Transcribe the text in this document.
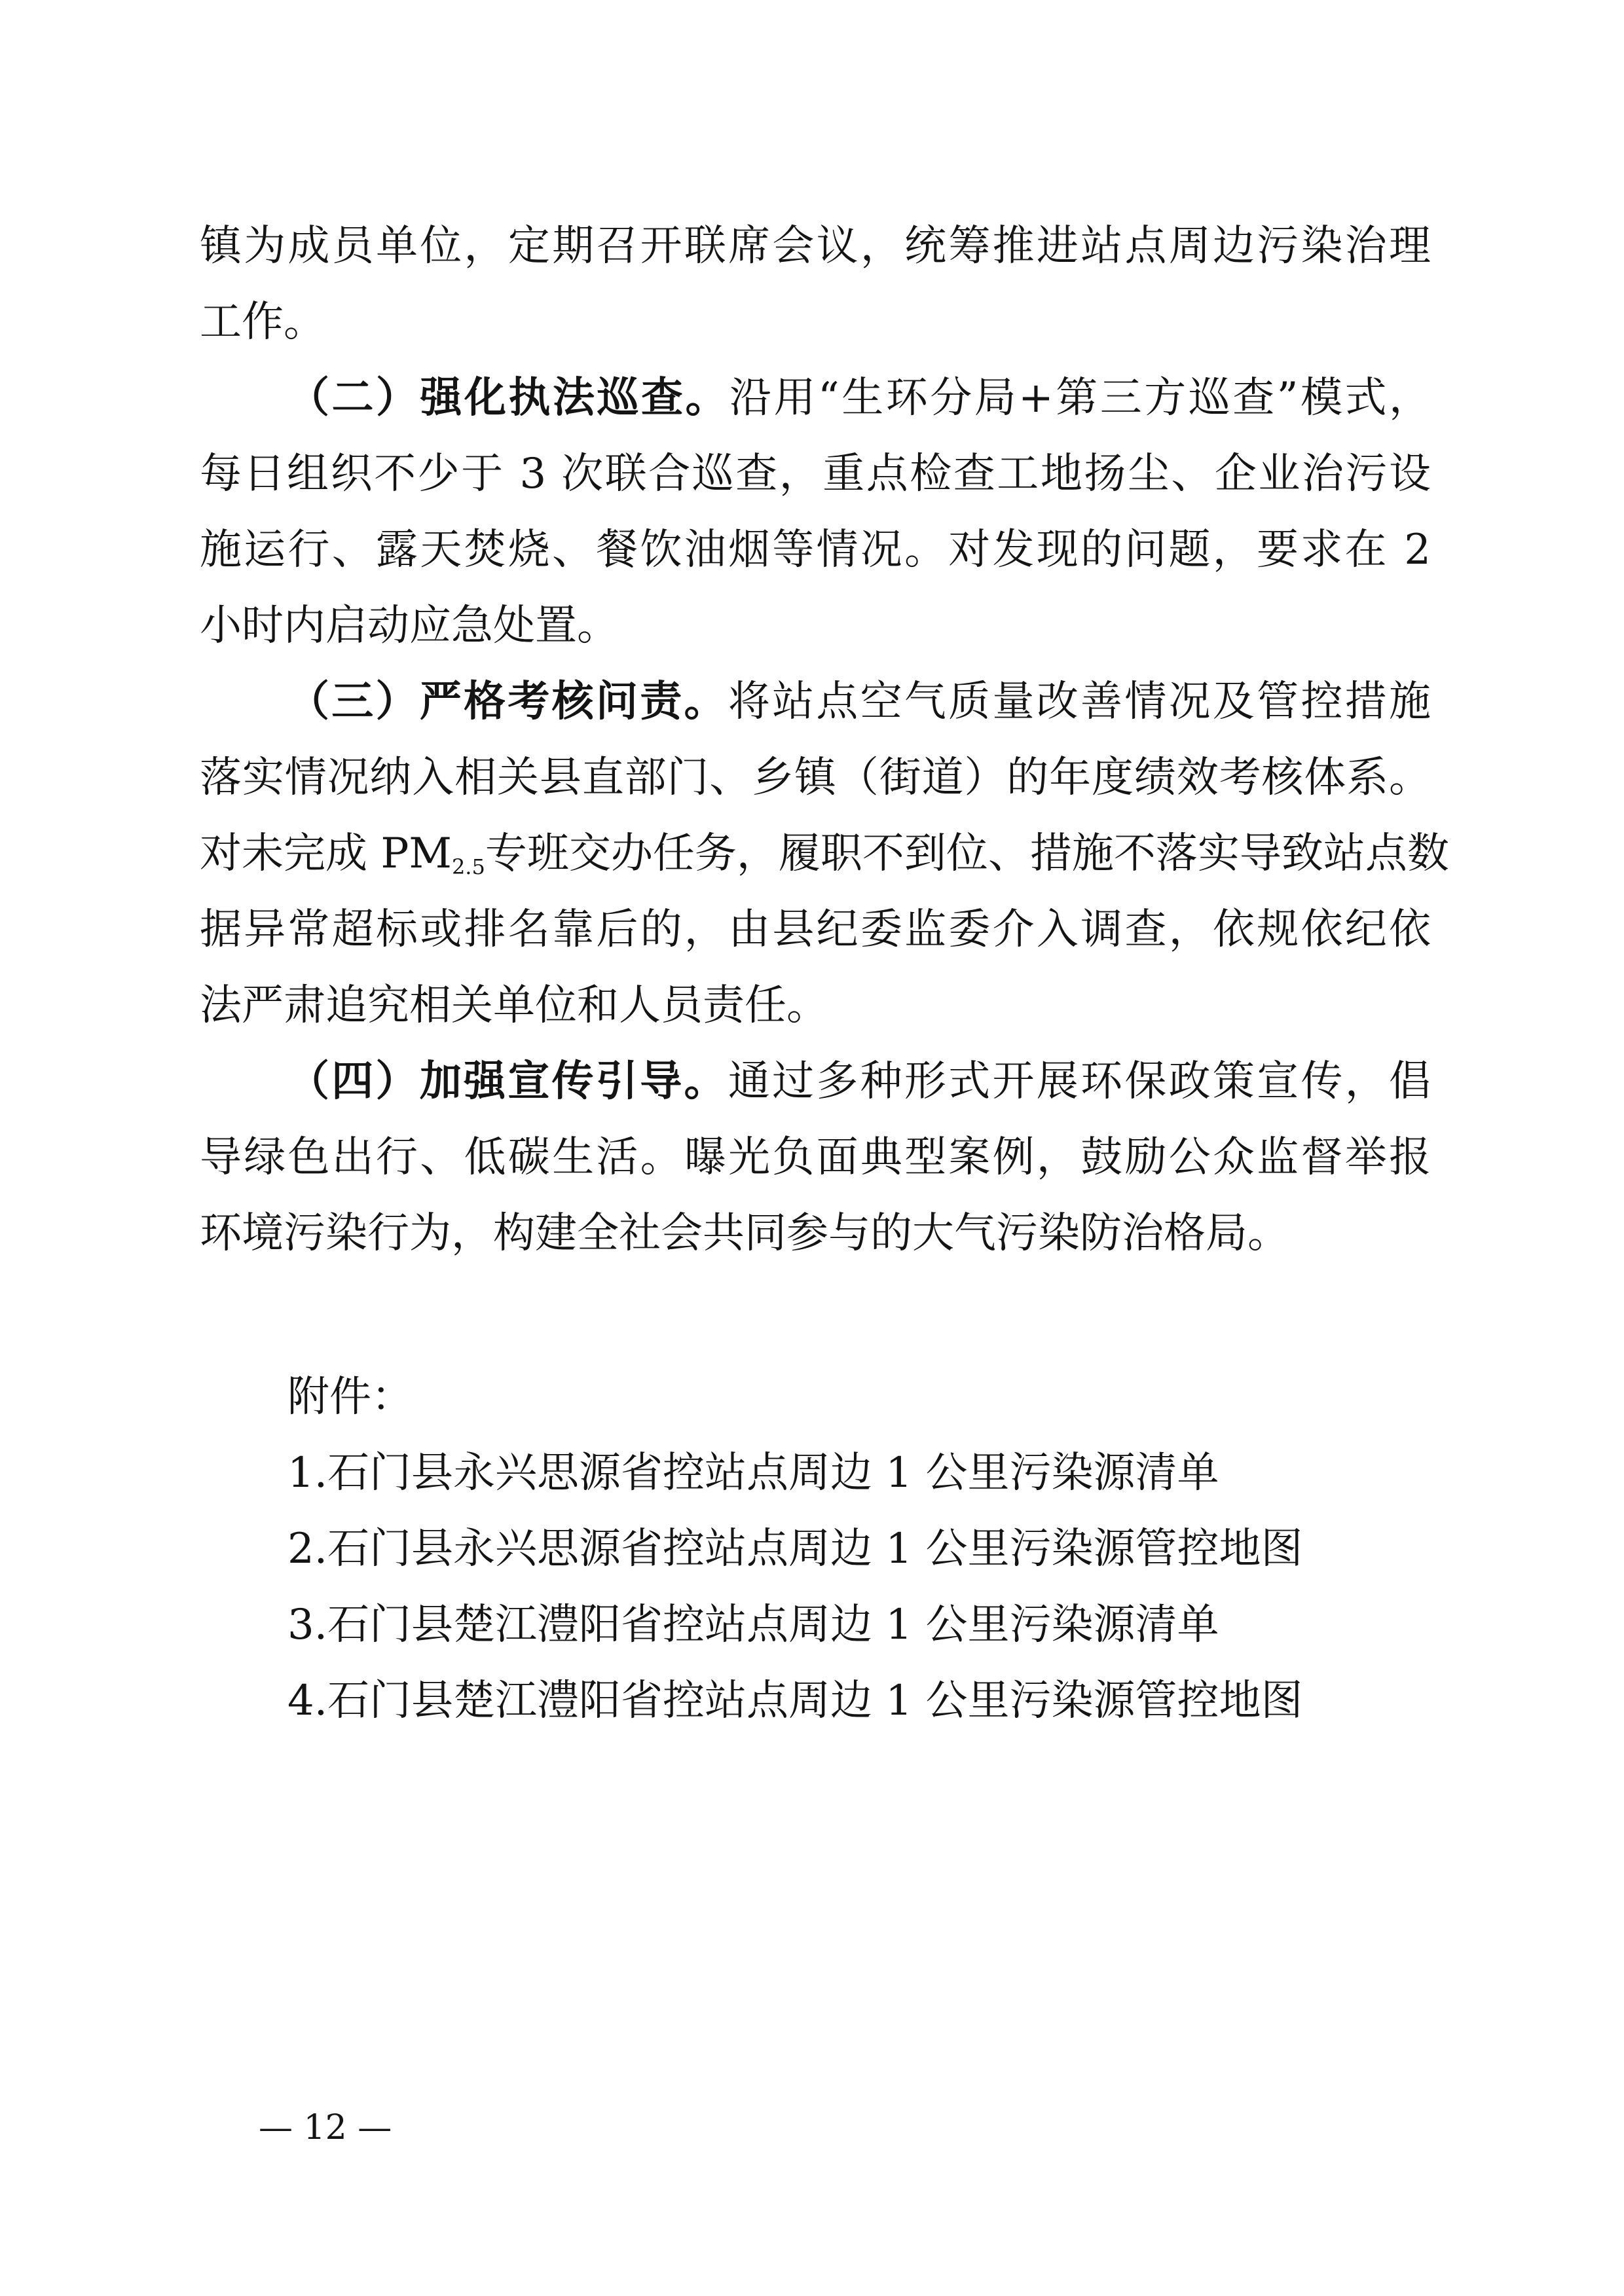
镇为成员单位，定期召开联席会议，统筹推进站点周边污染治理
工作。
（二）强化执法巡查。沿用“生环分局+第三方巡查”模式，
每日组织不少于 3 次联合巡查，重点检查工地扬尘、企业治污设
施运行、露天焚烧、餐饮油烟等情况。对发现的问题，要求在 2
小时内启动应急处置。
（三）严格考核问责。将站点空气质量改善情况及管控措施
落实情况纳入相关县直部门、乡镇（街道）的年度绩效考核体系。
对未完成 $PM_{2.5}$专班交办任务，履职不到位、措施不落实导致站点数
据异常超标或排名靠后的，由县纪委监委介入调查，依规依纪依
法严肃追究相关单位和人员责任。
（四）加强宣传引导。通过多种形式开展环保政策宣传，倡
导绿色出行、低碳生活。曝光负面典型案例，鼓励公众监督举报
环境污染行为，构建全社会共同参与的大气污染防治格局。
附件：
1.石门县永兴思源省控站点周边 1 公里污染源清单
2.石门县永兴思源省控站点周边 1 公里污染源管控地图
3.石门县楚江澧阳省控站点周边 1 公里污染源清单
4.石门县楚江澧阳省控站点周边 1 公里污染源管控地图
— 12 —
